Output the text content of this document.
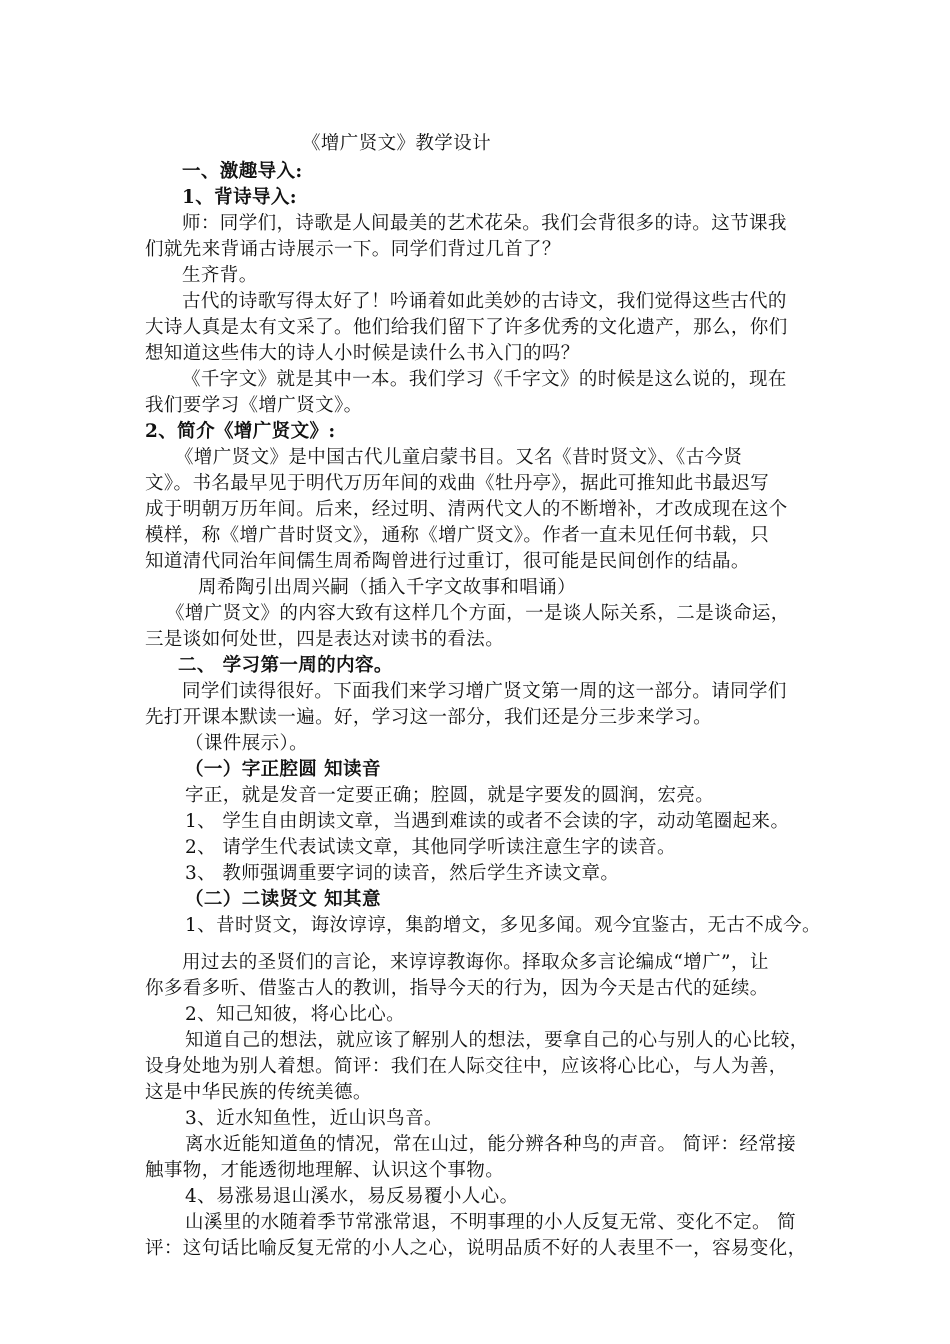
《增广贤文》教学设计
一、激趣导入:
1、背诗导入:
师：同学们，诗歌是人间最美的艺术花朵。我们会背很多的诗。这节课我
们就先来背诵古诗展示一下。同学们背过几首了？
生齐背。
古代的诗歌写得太好了！吟诵着如此美妙的古诗文，我们觉得这些古代的
大诗人真是太有文采了。他们给我们留下了许多优秀的文化遗产，那么，你们
想知道这些伟大的诗人小时候是读什么书入门的吗？
《千字文》就是其中一本。我们学习《千字文》的时候是这么说的，现在
我们要学习《增广贤文》。
2、简介《增广贤文》:
《增广贤文》是中国古代儿童启蒙书目。又名《昔时贤文》、《古今贤
文》。书名最早见于明代万历年间的戏曲《牡丹亭》，据此可推知此书最迟写
成于明朝万历年间。后来，经过明、清两代文人的不断增补，才改成现在这个
模样，称《增广昔时贤文》，通称《增广贤文》。作者一直未见任何书载，只
知道清代同治年间儒生周希陶曾进行过重订，很可能是民间创作的结晶。
周希陶引出周兴嗣（插入千字文故事和唱诵）
《增广贤文》的内容大致有这样几个方面，一是谈人际关系，二是谈命运，
三是谈如何处世，四是表达对读书的看法。
二、 学习第一周的内容。
同学们读得很好。下面我们来学习增广贤文第一周的这一部分。请同学们
先打开课本默读一遍。好，学习这一部分，我们还是分三步来学习。
（课件展示）。
（一）字正腔圆 知读音
字正，就是发音一定要正确；腔圆，就是字要发的圆润，宏亮。
1、 学生自由朗读文章，当遇到难读的或者不会读的字，动动笔圈起来。
2、 请学生代表试读文章，其他同学听读注意生字的读音。
3、 教师强调重要字词的读音，然后学生齐读文章。
（二）二读贤文 知其意
1、昔时贤文，诲汝谆谆，集韵增文，多见多闻。观今宜鉴古，无古不成今。
用过去的圣贤们的言论，来谆谆教诲你。择取众多言论编成“增广”，让
你多看多听、借鉴古人的教训，指导今天的行为，因为今天是古代的延续。
2、知己知彼，将心比心。
知道自己的想法，就应该了解别人的想法，要拿自己的心与别人的心比较，
设身处地为别人着想。简评：我们在人际交往中，应该将心比心，与人为善，
这是中华民族的传统美德。
3、近水知鱼性，近山识鸟音。
离水近能知道鱼的情况，常在山过，能分辨各种鸟的声音。 简评：经常接
触事物，才能透彻地理解、认识这个事物。
4、易涨易退山溪水，易反易覆小人心。
山溪里的水随着季节常涨常退，不明事理的小人反复无常、变化不定。 简
评：这句话比喻反复无常的小人之心，说明品质不好的人表里不一，容易变化，
